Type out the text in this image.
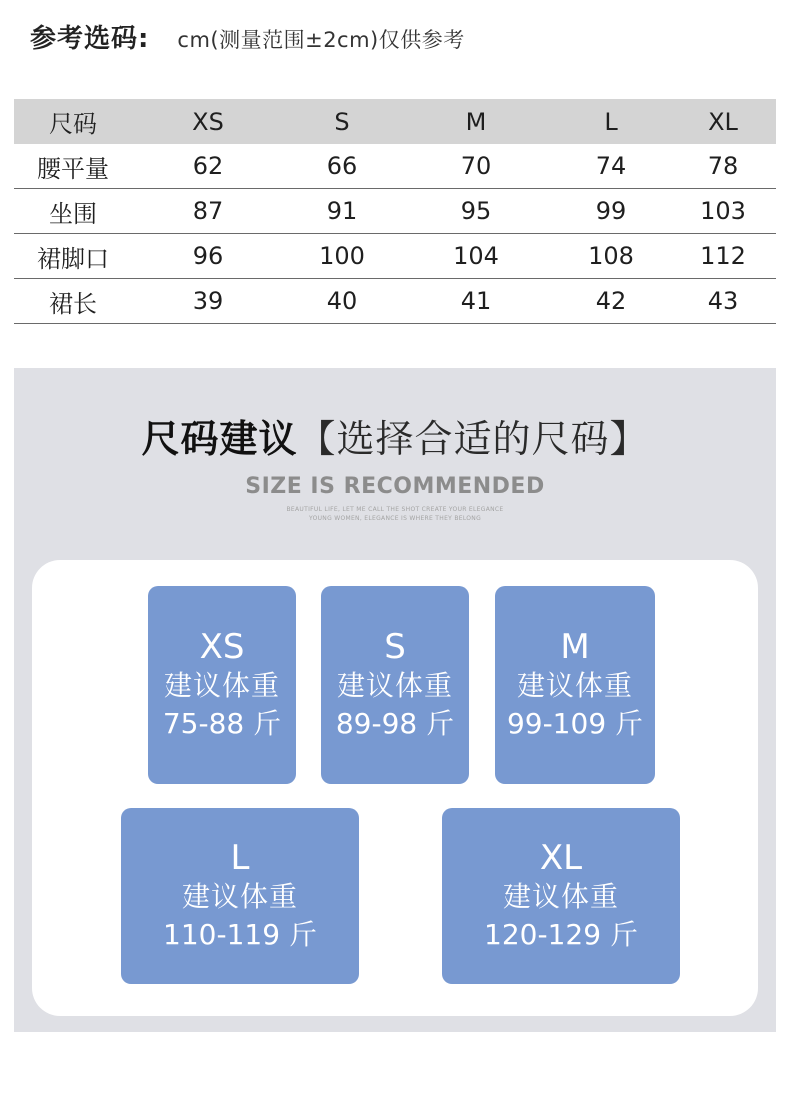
参考选码: cm(测量范围±2cm)仅供参考
尺码	XS	S	M	L	XL
腰平量	62	66	70	74	78
坐围	87	91	95	99	103
裙脚口	96	100	104	108	112
裙长	39	40	41	42	43
尺码建议【选择合适的尺码】
SIZE IS RECOMMENDED
BEAUTIFUL LIFE, LET ME CALL THE SHOT CREATE YOUR ELEGANCE
YOUNG WOMEN, ELEGANCE IS WHERE THEY BELONG
XS
建议体重
75-88 斤
S
建议体重
89-98 斤
M
建议体重
99-109 斤
L
建议体重
110-119 斤
XL
建议体重
120-129 斤
